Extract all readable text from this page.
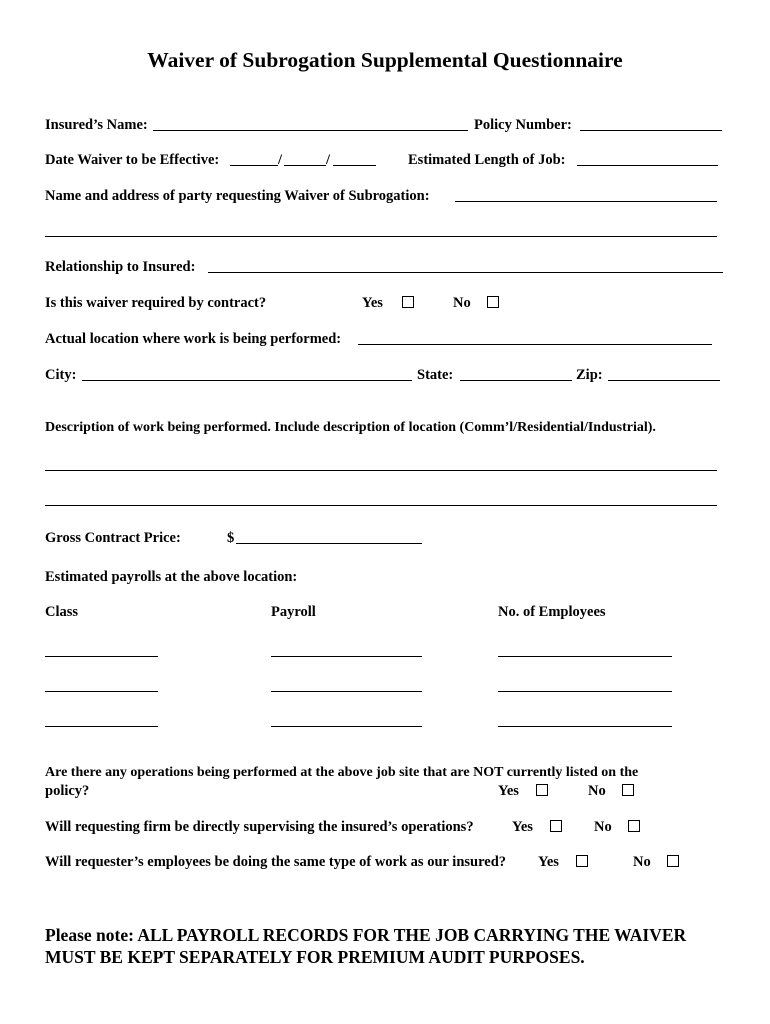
Waiver of Subrogation Supplemental Questionnaire
Insured’s Name:	Policy Number:
Date Waiver to be Effective:	/	/	Estimated Length of Job:
Name and address of party requesting Waiver of Subrogation:
Relationship to Insured:
Is this waiver required by contract?	Yes	No
Actual location where work is being performed:
City:	State:	Zip:
Description of work being performed. Include description of location (Comm’l/Residential/Industrial).
Gross Contract Price:	$
Estimated payrolls at the above location:
Class	Payroll	No. of Employees
Are there any operations being performed at the above job site that are NOT currently listed on the
policy?	Yes	No
Will requesting firm be directly supervising the insured’s operations?	Yes	No
Will requester’s employees be doing the same type of work as our insured? Yes	No
Please note: ALL PAYROLL RECORDS FOR THE JOB CARRYING THE WAIVER MUST BE KEPT SEPARATELY FOR PREMIUM AUDIT PURPOSES.
